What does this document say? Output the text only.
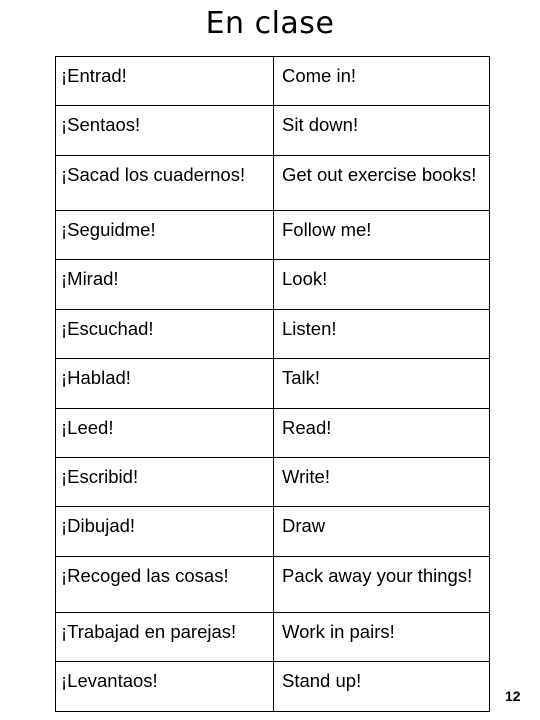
En clase
¡Entrad!	Come in!
¡Sentaos!	Sit down!
¡Sacad los cuadernos!	Get out exercise books!
¡Seguidme!	Follow me!
¡Mirad!	Look!
¡Escuchad!	Listen!
¡Hablad!	Talk!
¡Leed!	Read!
¡Escribid!	Write!
¡Dibujad!	Draw
¡Recoged las cosas!	Pack away your things!
¡Trabajad en parejas!	Work in pairs!
¡Levantaos!	Stand up!
12
